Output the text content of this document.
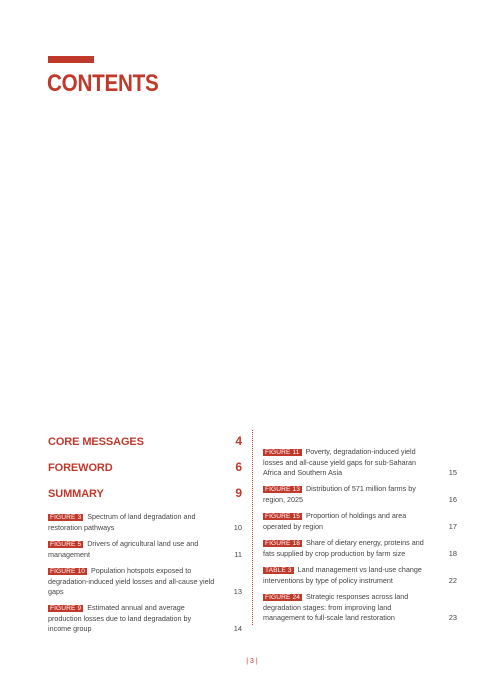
CONTENTS
CORE MESSAGES	4
FOREWORD	6
SUMMARY	9
FIGURE 3 Spectrum of land degradation and restoration pathways	10
FIGURE 5 Drivers of agricultural land use and management	11
FIGURE 10 Population hotspots exposed to degradation-induced yield losses and all-cause yield gaps	13
FIGURE 9 Estimated annual and average production losses due to land degradation by income group	14
FIGURE 11 Poverty, degradation-induced yield losses and all-cause yield gaps for sub-Saharan Africa and Southern Asia	15
FIGURE 13 Distribution of 571 million farms by region, 2025	16
FIGURE 15 Proportion of holdings and area operated by region	17
FIGURE 18 Share of dietary energy, proteins and fats supplied by crop production by farm size	18
TABLE 3 Land management vs land-use change interventions by type of policy instrument	22
FIGURE 24 Strategic responses across land degradation stages: from improving land management to full-scale land restoration	23
| 3 |
